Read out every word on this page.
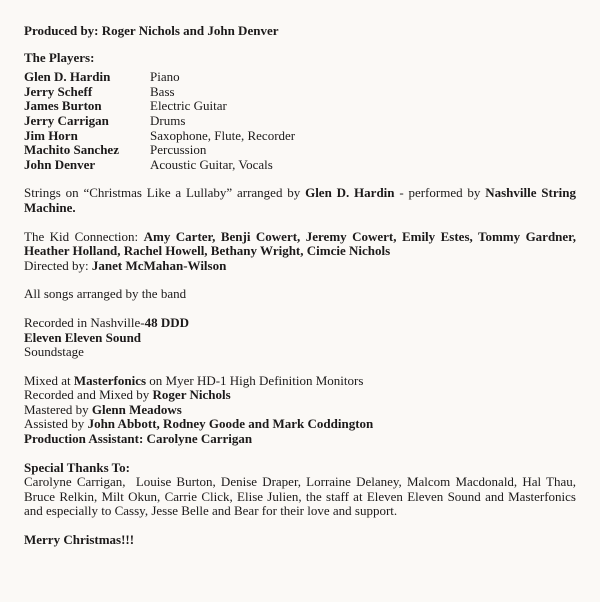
Produced by: Roger Nichols and John Denver

The Players:

Glen D. Hardin	Piano
Jerry Scheff	Bass
James Burton	Electric Guitar
Jerry Carrigan	Drums
Jim Horn	Saxophone, Flute, Recorder
Machito Sanchez	Percussion
John Denver	Acoustic Guitar, Vocals

Strings on “Christmas Like a Lullaby” arranged by Glen D. Hardin - performed by Nashville String Machine.

The Kid Connection: Amy Carter, Benji Cowert, Jeremy Cowert, Emily Estes, Tommy Gardner, Heather Holland, Rachel Howell, Bethany Wright, Cimcie Nichols

Directed by: Janet McMahan-Wilson

All songs arranged by the band

Recorded in Nashville-48 DDD

Eleven Eleven Sound

Soundstage

Mixed at Masterfonics on Myer HD-1 High Definition Monitors

Recorded and Mixed by Roger Nichols

Mastered by Glenn Meadows

Assisted by John Abbott, Rodney Goode and Mark Coddington

Production Assistant: Carolyne Carrigan

Special Thanks To:

Carolyne Carrigan,  Louise Burton, Denise Draper, Lorraine Delaney, Malcom Macdonald, Hal Thau, Bruce Relkin, Milt Okun, Carrie Click, Elise Julien, the staff at Eleven Eleven Sound and Masterfonics and especially to Cassy, Jesse Belle and Bear for their love and support.

Merry Christmas!!!
